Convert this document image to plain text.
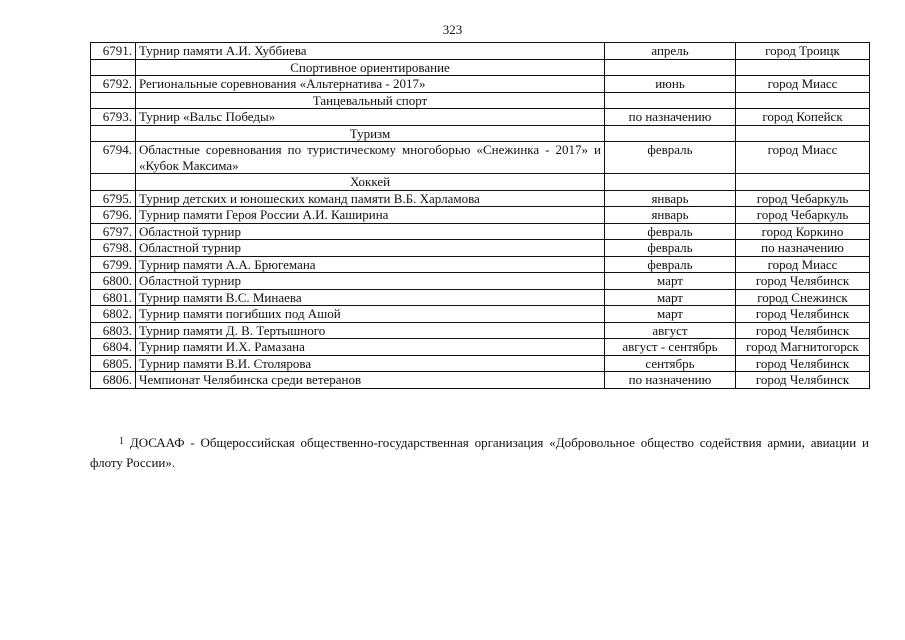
323
6791.	Турнир памяти А.И. Хуббиева	апрель	город Троицк
	Спортивное ориентирование		
6792.	Региональные соревнования «Альтернатива - 2017»	июнь	город Миасс
	Танцевальный спорт		
6793.	Турнир «Вальс Победы»	по назначению	город Копейск
	Туризм		
6794.	Областные соревнования по туристическому многоборью «Снежинка - 2017» и «Кубок Максима»	февраль	город Миасс
	Хоккей		
6795.	Турнир детских и юношеских команд памяти В.Б. Харламова	январь	город Чебаркуль
6796.	Турнир памяти Героя России А.И. Каширина	январь	город Чебаркуль
6797.	Областной турнир	февраль	город Коркино
6798.	Областной турнир	февраль	по назначению
6799.	Турнир памяти А.А. Брюгемана	февраль	город Миасс
6800.	Областной турнир	март	город Челябинск
6801.	Турнир памяти В.С. Минаева	март	город Снежинск
6802.	Турнир памяти погибших под Ашой	март	город Челябинск
6803.	Турнир памяти Д. В. Тертышного	август	город Челябинск
6804.	Турнир памяти И.Х. Рамазана	август - сентябрь	город Магнитогорск
6805.	Турнир памяти В.И. Столярова	сентябрь	город Челябинск
6806.	Чемпионат Челябинска среди ветеранов	по назначению	город Челябинск
$^1$ ДОСААФ - Общероссийская общественно-государственная организация «Добровольное общество содействия армии, авиации и флоту России».
